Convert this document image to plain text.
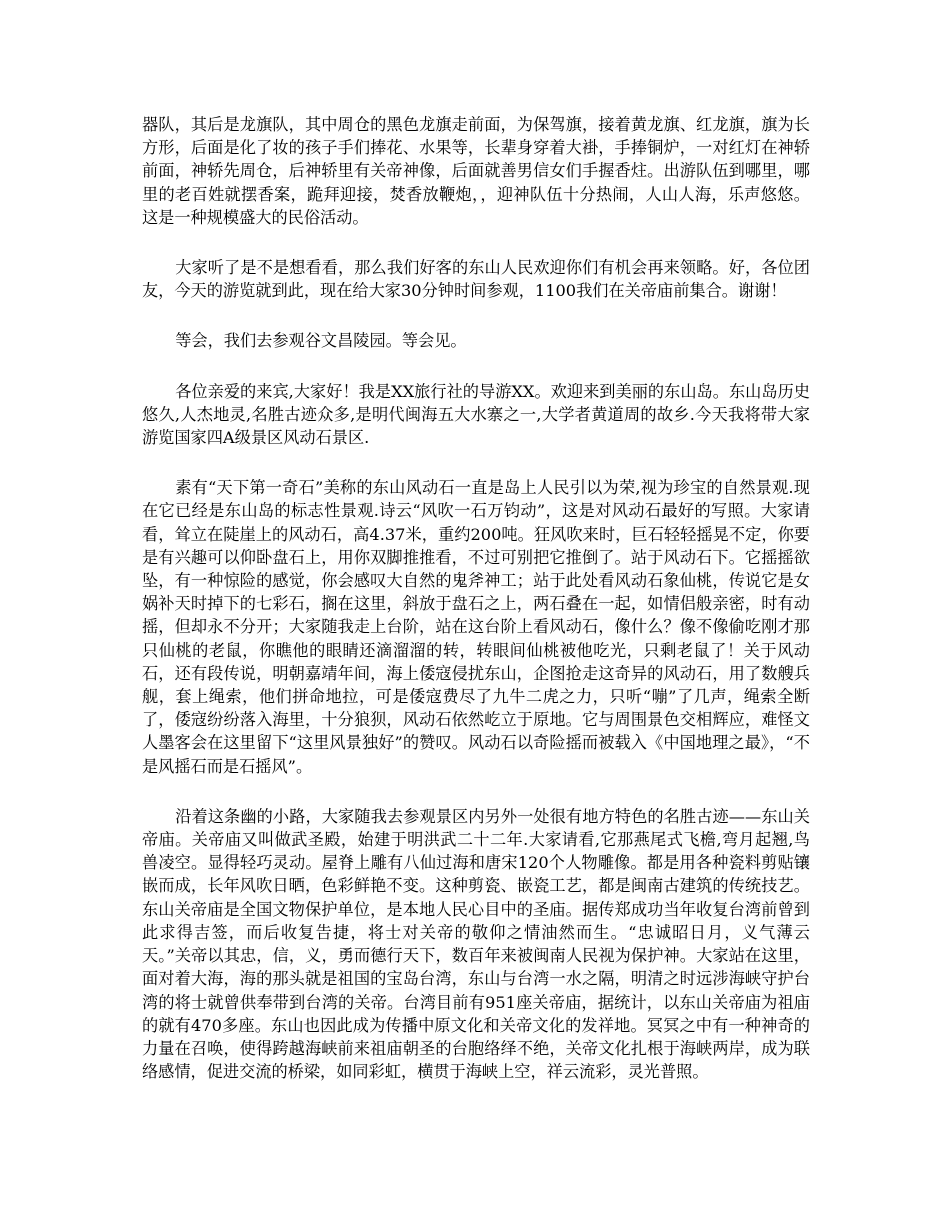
器队，其后是龙旗队，其中周仓的黑色龙旗走前面，为保驾旗，接着黄龙旗、红龙旗，旗为长方形，后面是化了妆的孩子手们捧花、水果等，长辈身穿着大褂，手捧铜炉，一对红灯在神轿前面，神轿先周仓，后神轿里有关帝神像，后面就善男信女们手握香炷。出游队伍到哪里，哪里的老百姓就摆香案，跪拜迎接，焚香放鞭炮，，迎神队伍十分热闹，人山人海，乐声悠悠。这是一种规模盛大的民俗活动。

大家听了是不是想看看，那么我们好客的东山人民欢迎你们有机会再来领略。好，各位团友，今天的游览就到此，现在给大家30分钟时间参观，1100我们在关帝庙前集合。谢谢！

等会，我们去参观谷文昌陵园。等会见。

各位亲爱的来宾,大家好！我是XX旅行社的导游XX。欢迎来到美丽的东山岛。东山岛历史悠久,人杰地灵,名胜古迹众多,是明代闽海五大水寨之一,大学者黄道周的故乡.今天我将带大家游览国家四A级景区风动石景区.

素有“天下第一奇石”美称的东山风动石一直是岛上人民引以为荣,视为珍宝的自然景观.现在它已经是东山岛的标志性景观.诗云“风吹一石万钧动”，这是对风动石最好的写照。大家请看，耸立在陡崖上的风动石，高4.37米，重约200吨。狂风吹来时，巨石轻轻摇晃不定，你要是有兴趣可以仰卧盘石上，用你双脚推推看，不过可别把它推倒了。站于风动石下。它摇摇欲坠，有一种惊险的感觉，你会感叹大自然的鬼斧神工；站于此处看风动石象仙桃，传说它是女娲补天时掉下的七彩石，搁在这里，斜放于盘石之上，两石叠在一起，如情侣般亲密，时有动摇，但却永不分开；大家随我走上台阶，站在这台阶上看风动石，像什么？像不像偷吃刚才那只仙桃的老鼠，你瞧他的眼睛还滴溜溜的转，转眼间仙桃被他吃光，只剩老鼠了！关于风动石，还有段传说，明朝嘉靖年间，海上倭寇侵扰东山，企图抢走这奇异的风动石，用了数艘兵舰，套上绳索，他们拼命地拉，可是倭寇费尽了九牛二虎之力，只听“嘣”了几声，绳索全断了，倭寇纷纷落入海里，十分狼狈，风动石依然屹立于原地。它与周围景色交相辉应，难怪文人墨客会在这里留下“这里风景独好”的赞叹。风动石以奇险摇而被载入《中国地理之最》，“不是风摇石而是石摇风”。

沿着这条幽的小路，大家随我去参观景区内另外一处很有地方特色的名胜古迹——东山关帝庙。关帝庙又叫做武圣殿，始建于明洪武二十二年.大家请看,它那燕尾式飞檐,弯月起翘,鸟兽凌空。显得轻巧灵动。屋脊上雕有八仙过海和唐宋120个人物雕像。都是用各种瓷料剪贴镶嵌而成，长年风吹日晒，色彩鲜艳不变。这种剪瓷、嵌瓷工艺，都是闽南古建筑的传统技艺。东山关帝庙是全国文物保护单位，是本地人民心目中的圣庙。据传郑成功当年收复台湾前曾到此求得吉签，而后收复告捷，将士对关帝的敬仰之情油然而生。“忠诚昭日月，义气薄云天。”关帝以其忠，信，义，勇而德行天下，数百年来被闽南人民视为保护神。大家站在这里，面对着大海，海的那头就是祖国的宝岛台湾，东山与台湾一水之隔，明清之时远涉海峡守护台湾的将士就曾供奉带到台湾的关帝。台湾目前有951座关帝庙，据统计，以东山关帝庙为祖庙的就有470多座。东山也因此成为传播中原文化和关帝文化的发祥地。冥冥之中有一种神奇的力量在召唤，使得跨越海峡前来祖庙朝圣的台胞络绎不绝，关帝文化扎根于海峡两岸，成为联络感情，促进交流的桥梁，如同彩虹，横贯于海峡上空，祥云流彩，灵光普照。
